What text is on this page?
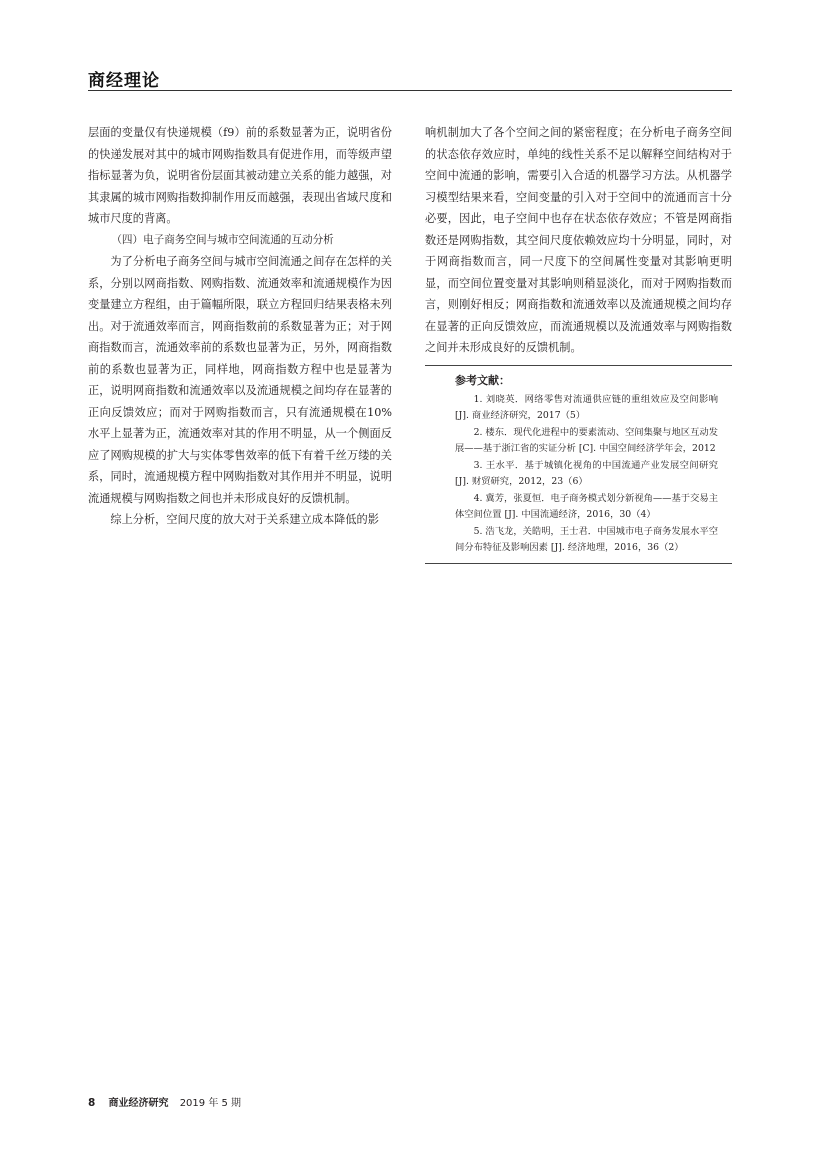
商经理论

层面的变量仅有快递规模（f9）前的系数显著为正，说明省份的快递发展对其中的城市网购指数具有促进作用，而等级声望指标显著为负，说明省份层面其被动建立关系的能力越强，对其隶属的城市网购指数抑制作用反而越强，表现出省域尺度和城市尺度的背离。

（四）电子商务空间与城市空间流通的互动分析

为了分析电子商务空间与城市空间流通之间存在怎样的关系，分别以网商指数、网购指数、流通效率和流通规模作为因变量建立方程组，由于篇幅所限，联立方程回归结果表格未列出。对于流通效率而言，网商指数前的系数显著为正；对于网商指数而言，流通效率前的系数也显著为正，另外，网商指数前的系数也显著为正，同样地，网商指数方程中也是显著为正，说明网商指数和流通效率以及流通规模之间均存在显著的正向反馈效应；而对于网购指数而言，只有流通规模在10%水平上显著为正，流通效率对其的作用不明显，从一个侧面反应了网购规模的扩大与实体零售效率的低下有着千丝万缕的关系，同时，流通规模方程中网购指数对其作用并不明显，说明流通规模与网购指数之间也并未形成良好的反馈机制。

综上分析，空间尺度的放大对于关系建立成本降低的影

响机制加大了各个空间之间的紧密程度；在分析电子商务空间的状态依存效应时，单纯的线性关系不足以解释空间结构对于空间中流通的影响，需要引入合适的机器学习方法。从机器学习模型结果来看，空间变量的引入对于空间中的流通而言十分必要，因此，电子空间中也存在状态依存效应；不管是网商指数还是网购指数，其空间尺度依赖效应均十分明显，同时，对于网商指数而言，同一尺度下的空间属性变量对其影响更明显，而空间位置变量对其影响则稍显淡化，而对于网购指数而言，则刚好相反；网商指数和流通效率以及流通规模之间均存在显著的正向反馈效应，而流通规模以及流通效率与网购指数之间并未形成良好的反馈机制。

参考文献：

1. 刘晓英．网络零售对流通供应链的重组效应及空间影响 [J]. 商业经济研究，2017（5）

2. 楼东．现代化进程中的要素流动、空间集聚与地区互动发展——基于浙江省的实证分析 [C]. 中国空间经济学年会，2012

3. 王水平．基于城镇化视角的中国流通产业发展空间研究 [J]. 财贸研究，2012，23（6）

4. 冀芳，张夏恒．电子商务模式划分新视角——基于交易主体空间位置 [J]. 中国流通经济，2016，30（4）

5. 浩飞龙，关皓明，王士君．中国城市电子商务发展水平空间分布特征及影响因素 [J]. 经济地理，2016，36（2）

8 商业经济研究 2019 年 5 期
